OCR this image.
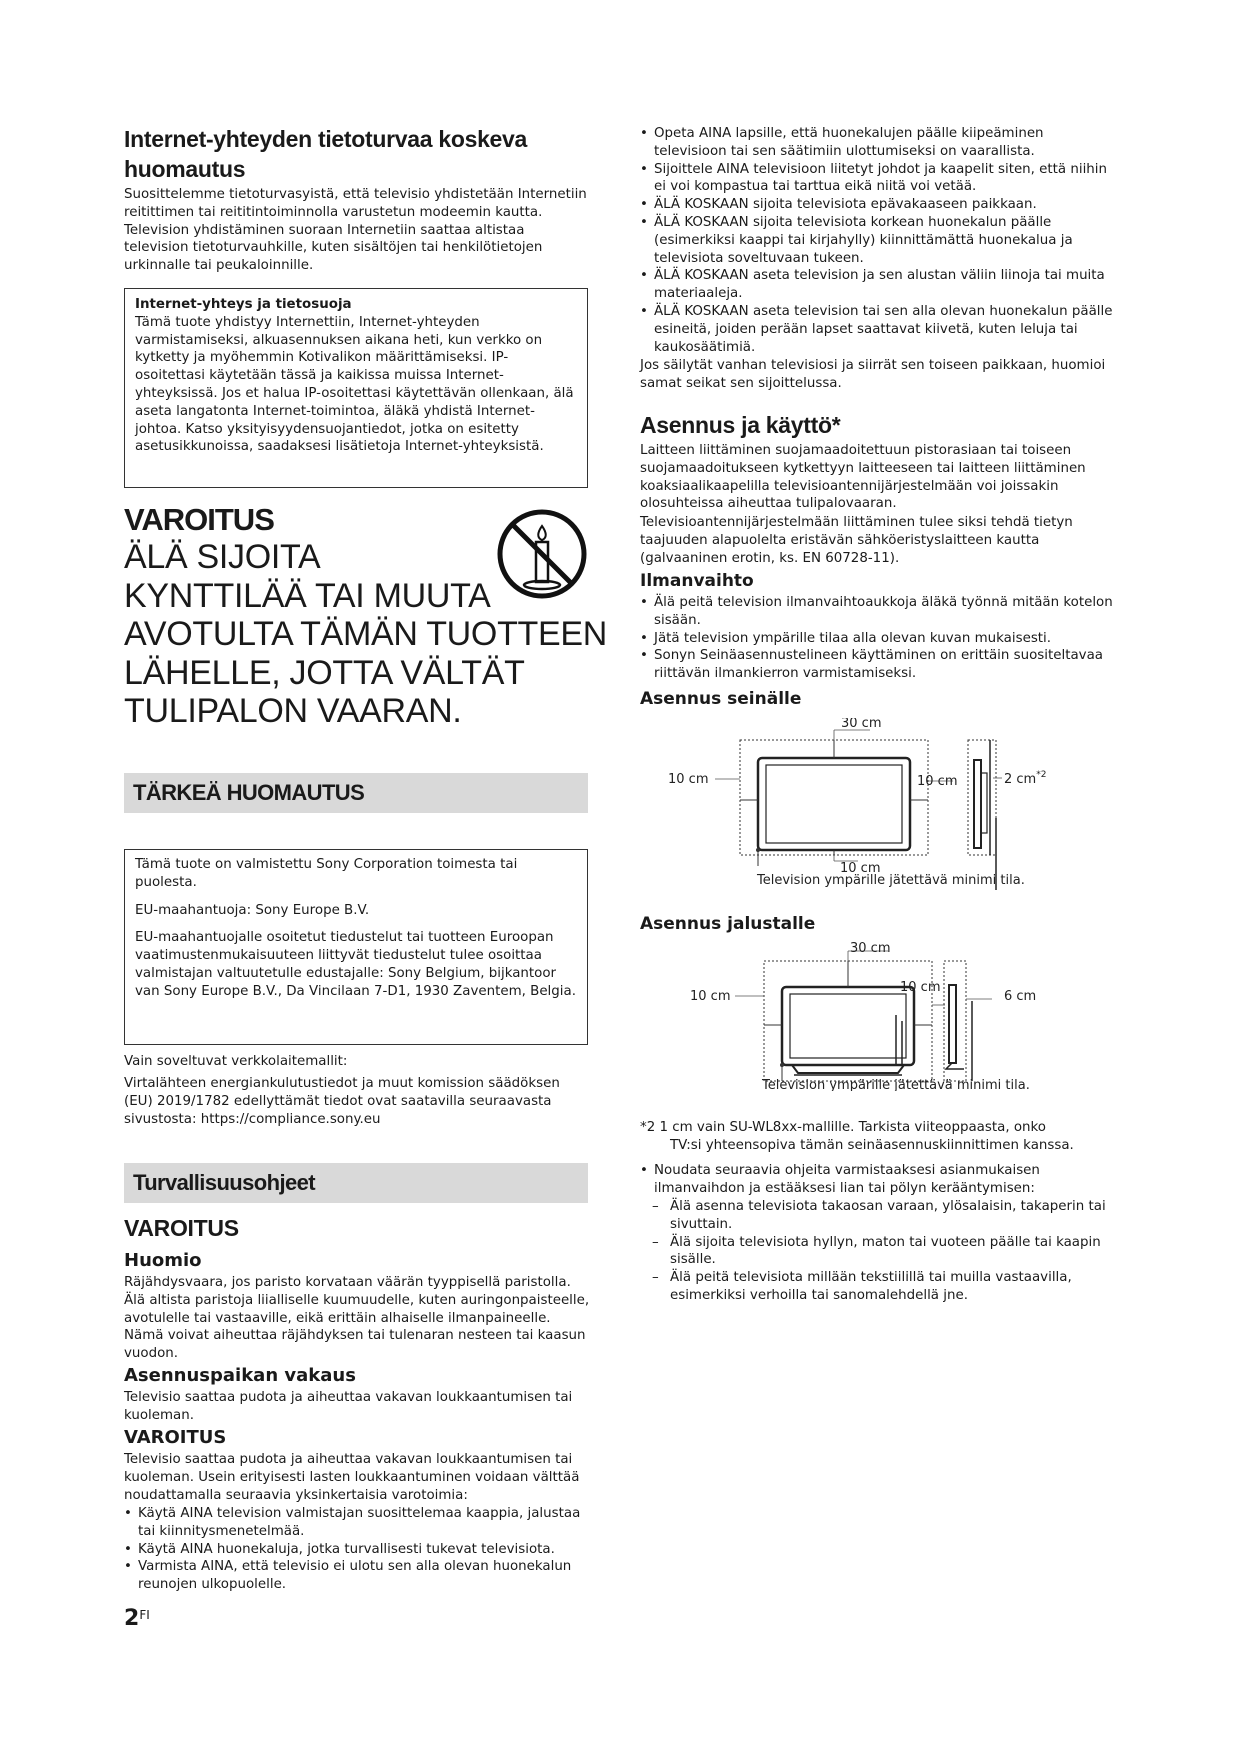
Internet-yhteyden tietoturvaa koskeva huomautus

Suosittelemme tietoturvasyistä, että televisio yhdistetään Internetiin reitittimen tai reititintoiminnolla varustetun modeemin kautta. Television yhdistäminen suoraan Internetiin saattaa altistaa television tietoturvauhkille, kuten sisältöjen tai henkilötietojen urkinnalle tai peukaloinnille.

Internet-yhteys ja tietosuoja

Tämä tuote yhdistyy Internettiin, Internet-yhteyden varmistamiseksi, alkuasennuksen aikana heti, kun verkko on kytketty ja myöhemmin Kotivalikon määrittämiseksi. IP-osoitettasi käytetään tässä ja kaikissa muissa Internet-yhteyksissä. Jos et halua IP-osoitettasi käytettävän ollenkaan, älä aseta langatonta Internet-toimintoa, äläkä yhdistä Internet-johtoa. Katso yksityisyydensuojantiedot, jotka on esitetty asetusikkunoissa, saadaksesi lisätietoja Internet-yhteyksistä.

VAROITUS
ÄLÄ SIJOITA
KYNTTILÄÄ TAI MUUTA
AVOTULTA TÄMÄN TUOTTEEN
LÄHELLE, JOTTA VÄLTÄT
TULIPALON VAARAN.
TÄRKEÄ HUOMAUTUS

Tämä tuote on valmistettu Sony Corporation toimesta tai puolesta.

EU-maahantuoja: Sony Europe B.V.

EU-maahantuojalle osoitetut tiedustelut tai tuotteen Euroopan vaatimustenmukaisuuteen liittyvät tiedustelut tulee osoittaa valmistajan valtuutetulle edustajalle: Sony Belgium, bijkantoor van Sony Europe B.V., Da Vincilaan 7-D1, 1930 Zaventem, Belgia.

Vain soveltuvat verkkolaitemallit:

Virtalähteen energiankulutustiedot ja muut komission säädöksen (EU) 2019/1782 edellyttämät tiedot ovat saatavilla seuraavasta sivustosta: https://compliance.sony.eu

Turvallisuusohjeet
VAROITUS
Huomio

Räjähdysvaara, jos paristo korvataan väärän tyyppisellä paristolla. Älä altista paristoja liialliselle kuumuudelle, kuten auringonpaisteelle, avotulelle tai vastaaville, eikä erittäin alhaiselle ilmanpaineelle. Nämä voivat aiheuttaa räjähdyksen tai tulenaran nesteen tai kaasun vuodon.

Asennuspaikan vakaus

Televisio saattaa pudota ja aiheuttaa vakavan loukkaantumisen tai kuoleman.

VAROITUS

Televisio saattaa pudota ja aiheuttaa vakavan loukkaantumisen tai kuoleman. Usein erityisesti lasten loukkaantuminen voidaan välttää noudattamalla seuraavia yksinkertaisia varotoimia:

• Käytä AINA television valmistajan suosittelemaa kaappia, jalustaa tai kiinnitysmenetelmää.
• Käytä AINA huonekaluja, jotka turvallisesti tukevat televisiota.
• Varmista AINA, että televisio ei ulotu sen alla olevan huonekalun reunojen ulkopuolelle.
$2^{FI}$
• Opeta AINA lapsille, että huonekalujen päälle kiipeäminen televisioon tai sen säätimiin ulottumiseksi on vaarallista.
• Sijoittele AINA televisioon liitetyt johdot ja kaapelit siten, että niihin ei voi kompastua tai tarttua eikä niitä voi vetää.
• ÄLÄ KOSKAAN sijoita televisiota epävakaaseen paikkaan.
• ÄLÄ KOSKAAN sijoita televisiota korkean huonekalun päälle (esimerkiksi kaappi tai kirjahylly) kiinnittämättä huonekalua ja televisiota soveltuvaan tukeen.
• ÄLÄ KOSKAAN aseta television ja sen alustan väliin liinoja tai muita materiaaleja.
• ÄLÄ KOSKAAN aseta television tai sen alla olevan huonekalun päälle esineitä, joiden perään lapset saattavat kiivetä, kuten leluja tai kaukosäätimiä.

Jos säilytät vanhan televisiosi ja siirrät sen toiseen paikkaan, huomioi samat seikat sen sijoittelussa.

Asennus ja käyttö*

Laitteen liittäminen suojamaadoitettuun pistorasiaan tai toiseen suojamaadoitukseen kytkettyyn laitteeseen tai laitteen liittäminen koaksiaalikaapelilla televisioantennijärjestelmään voi joissakin olosuhteissa aiheuttaa tulipalovaaran.

Televisioantennijärjestelmään liittäminen tulee siksi tehdä tietyn taajuuden alapuolelta eristävän sähköeristyslaitteen kautta (galvaaninen erotin, ks. EN 60728-11).

Ilmanvaihto
• Älä peitä television ilmanvaihtoaukkoja äläkä työnnä mitään kotelon sisään.
• Jätä television ympärille tilaa alla olevan kuvan mukaisesti.
• Sonyn Seinäasennustelineen käyttäminen on erittäin suositeltavaa riittävän ilmankierron varmistamiseksi.
Asennus seinälle
30 cm
10 cm	10 cm
10 cm
2 $cm^{*2}$
Television ympärille jätettävä minimi tila.
Asennus jalustalle
30 cm
10 cm
10 cm
6 cm
Television ympärille jätettävä minimi tila.

*2 1 cm vain SU-WL8xx-mallille. Tarkista viiteoppaasta, onko

TV:si yhteensopiva tämän seinäasennuskiinnittimen kanssa.

• Noudata seuraavia ohjeita varmistaaksesi asianmukaisen ilmanvaihdon ja estääksesi lian tai pölyn kerääntymisen:
– Älä asenna televisiota takaosan varaan, ylösalaisin, takaperin tai sivuttain.
– Älä sijoita televisiota hyllyn, maton tai vuoteen päälle tai kaapin sisälle.
– Älä peitä televisiota millään tekstiilillä tai muilla vastaavilla, esimerkiksi verhoilla tai sanomalehdellä jne.
